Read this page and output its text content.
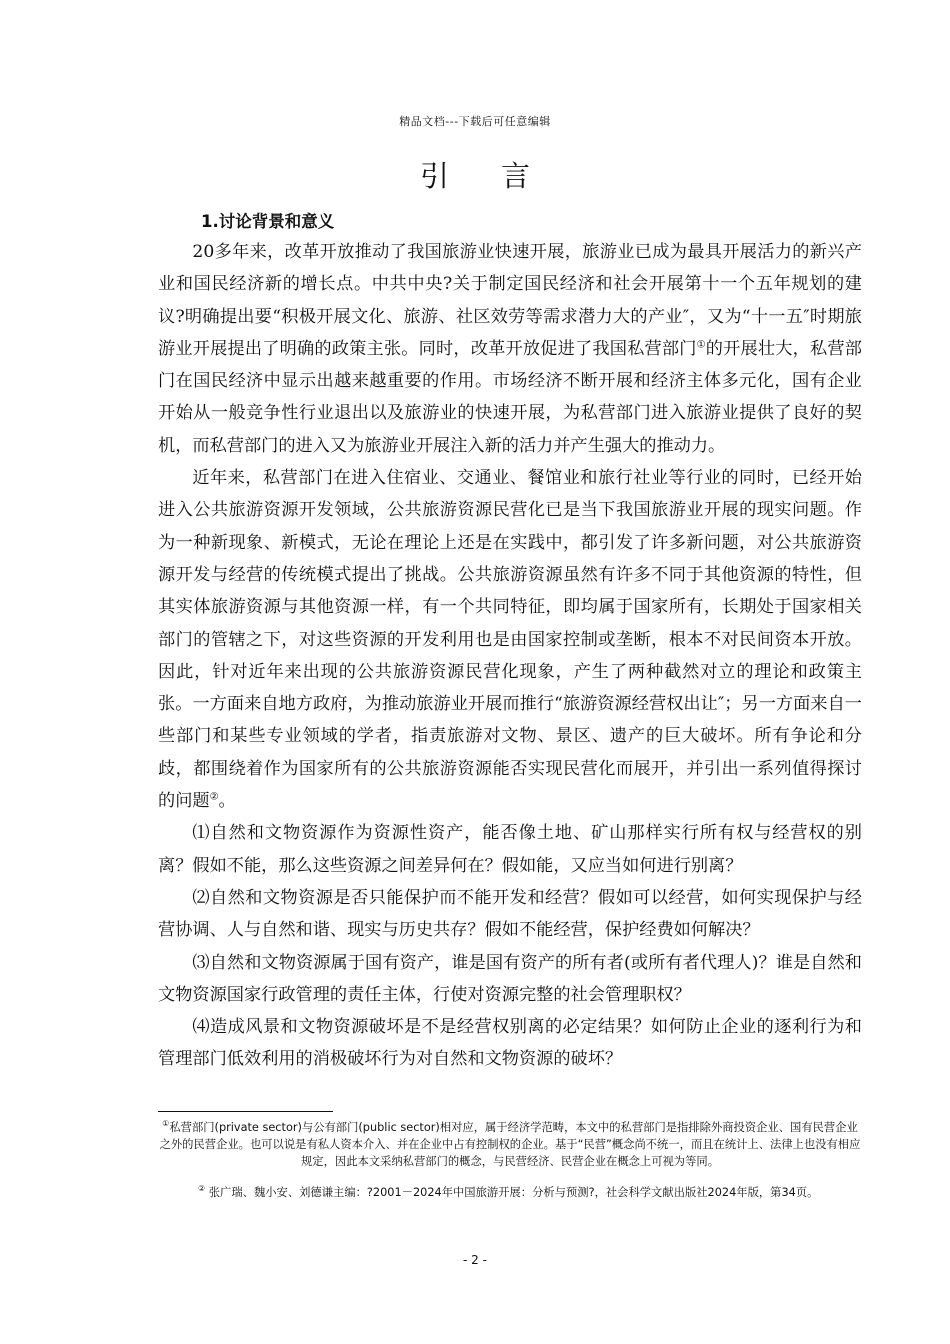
精品文档---下载后可任意编辑
引言
1.讨论背景和意义

20多年来，改革开放推动了我国旅游业快速开展，旅游业已成为最具开展活力的新兴产业和国民经济新的增长点。中共中央?关于制定国民经济和社会开展第十一个五年规划的建议?明确提出要“积极开展文化、旅游、社区效劳等需求潜力大的产业″，又为“十一五″时期旅游业开展提出了明确的政策主张。同时，改革开放促进了我国私营部门①的开展壮大，私营部门在国民经济中显示出越来越重要的作用。市场经济不断开展和经济主体多元化，国有企业开始从一般竞争性行业退出以及旅游业的快速开展，为私营部门进入旅游业提供了良好的契机，而私营部门的进入又为旅游业开展注入新的活力并产生强大的推动力。

近年来，私营部门在进入住宿业、交通业、餐馆业和旅行社业等行业的同时，已经开始进入公共旅游资源开发领域，公共旅游资源民营化已是当下我国旅游业开展的现实问题。作为一种新现象、新模式，无论在理论上还是在实践中，都引发了许多新问题，对公共旅游资源开发与经营的传统模式提出了挑战。公共旅游资源虽然有许多不同于其他资源的特性，但其实体旅游资源与其他资源一样，有一个共同特征，即均属于国家所有，长期处于国家相关部门的管辖之下，对这些资源的开发利用也是由国家控制或垄断，根本不对民间资本开放。因此，针对近年来出现的公共旅游资源民营化现象，产生了两种截然对立的理论和政策主张。一方面来自地方政府，为推动旅游业开展而推行“旅游资源经营权出让″；另一方面来自一些部门和某些专业领域的学者，指责旅游对文物、景区、遗产的巨大破坏。所有争论和分歧，都围绕着作为国家所有的公共旅游资源能否实现民营化而展开，并引出一系列值得探讨的问题②。

⑴自然和文物资源作为资源性资产，能否像土地、矿山那样实行所有权与经营权的别离？假如不能，那么这些资源之间差异何在？假如能，又应当如何进行别离？

⑵自然和文物资源是否只能保护而不能开发和经营？假如可以经营，如何实现保护与经营协调、人与自然和谐、现实与历史共存？假如不能经营，保护经费如何解决？

⑶自然和文物资源属于国有资产，谁是国有资产的所有者(或所有者代理人)？谁是自然和文物资源国家行政管理的责任主体，行使对资源完整的社会管理职权？

⑷造成风景和文物资源破坏是不是经营权别离的必定结果？如何防止企业的逐利行为和管理部门低效利用的消极破坏行为对自然和文物资源的破坏？

①私营部门(private sector)与公有部门(public sector)相对应，属于经济学范畴，本文中的私营部门是指排除外商投资企业、国有民营企业之外的民营企业。也可以说是有私人资本介入、并在企业中占有控制权的企业。基于“民营”概念尚不统一，而且在统计上、法律上也没有相应规定，因此本文采纳私营部门的概念，与民营经济、民营企业在概念上可视为等同。

② 张广瑞、魏小安、刘德谦主编：?2001－2024年中国旅游开展：分析与预测?，社会科学文献出版社2024年版，第34页。

- 2 -
